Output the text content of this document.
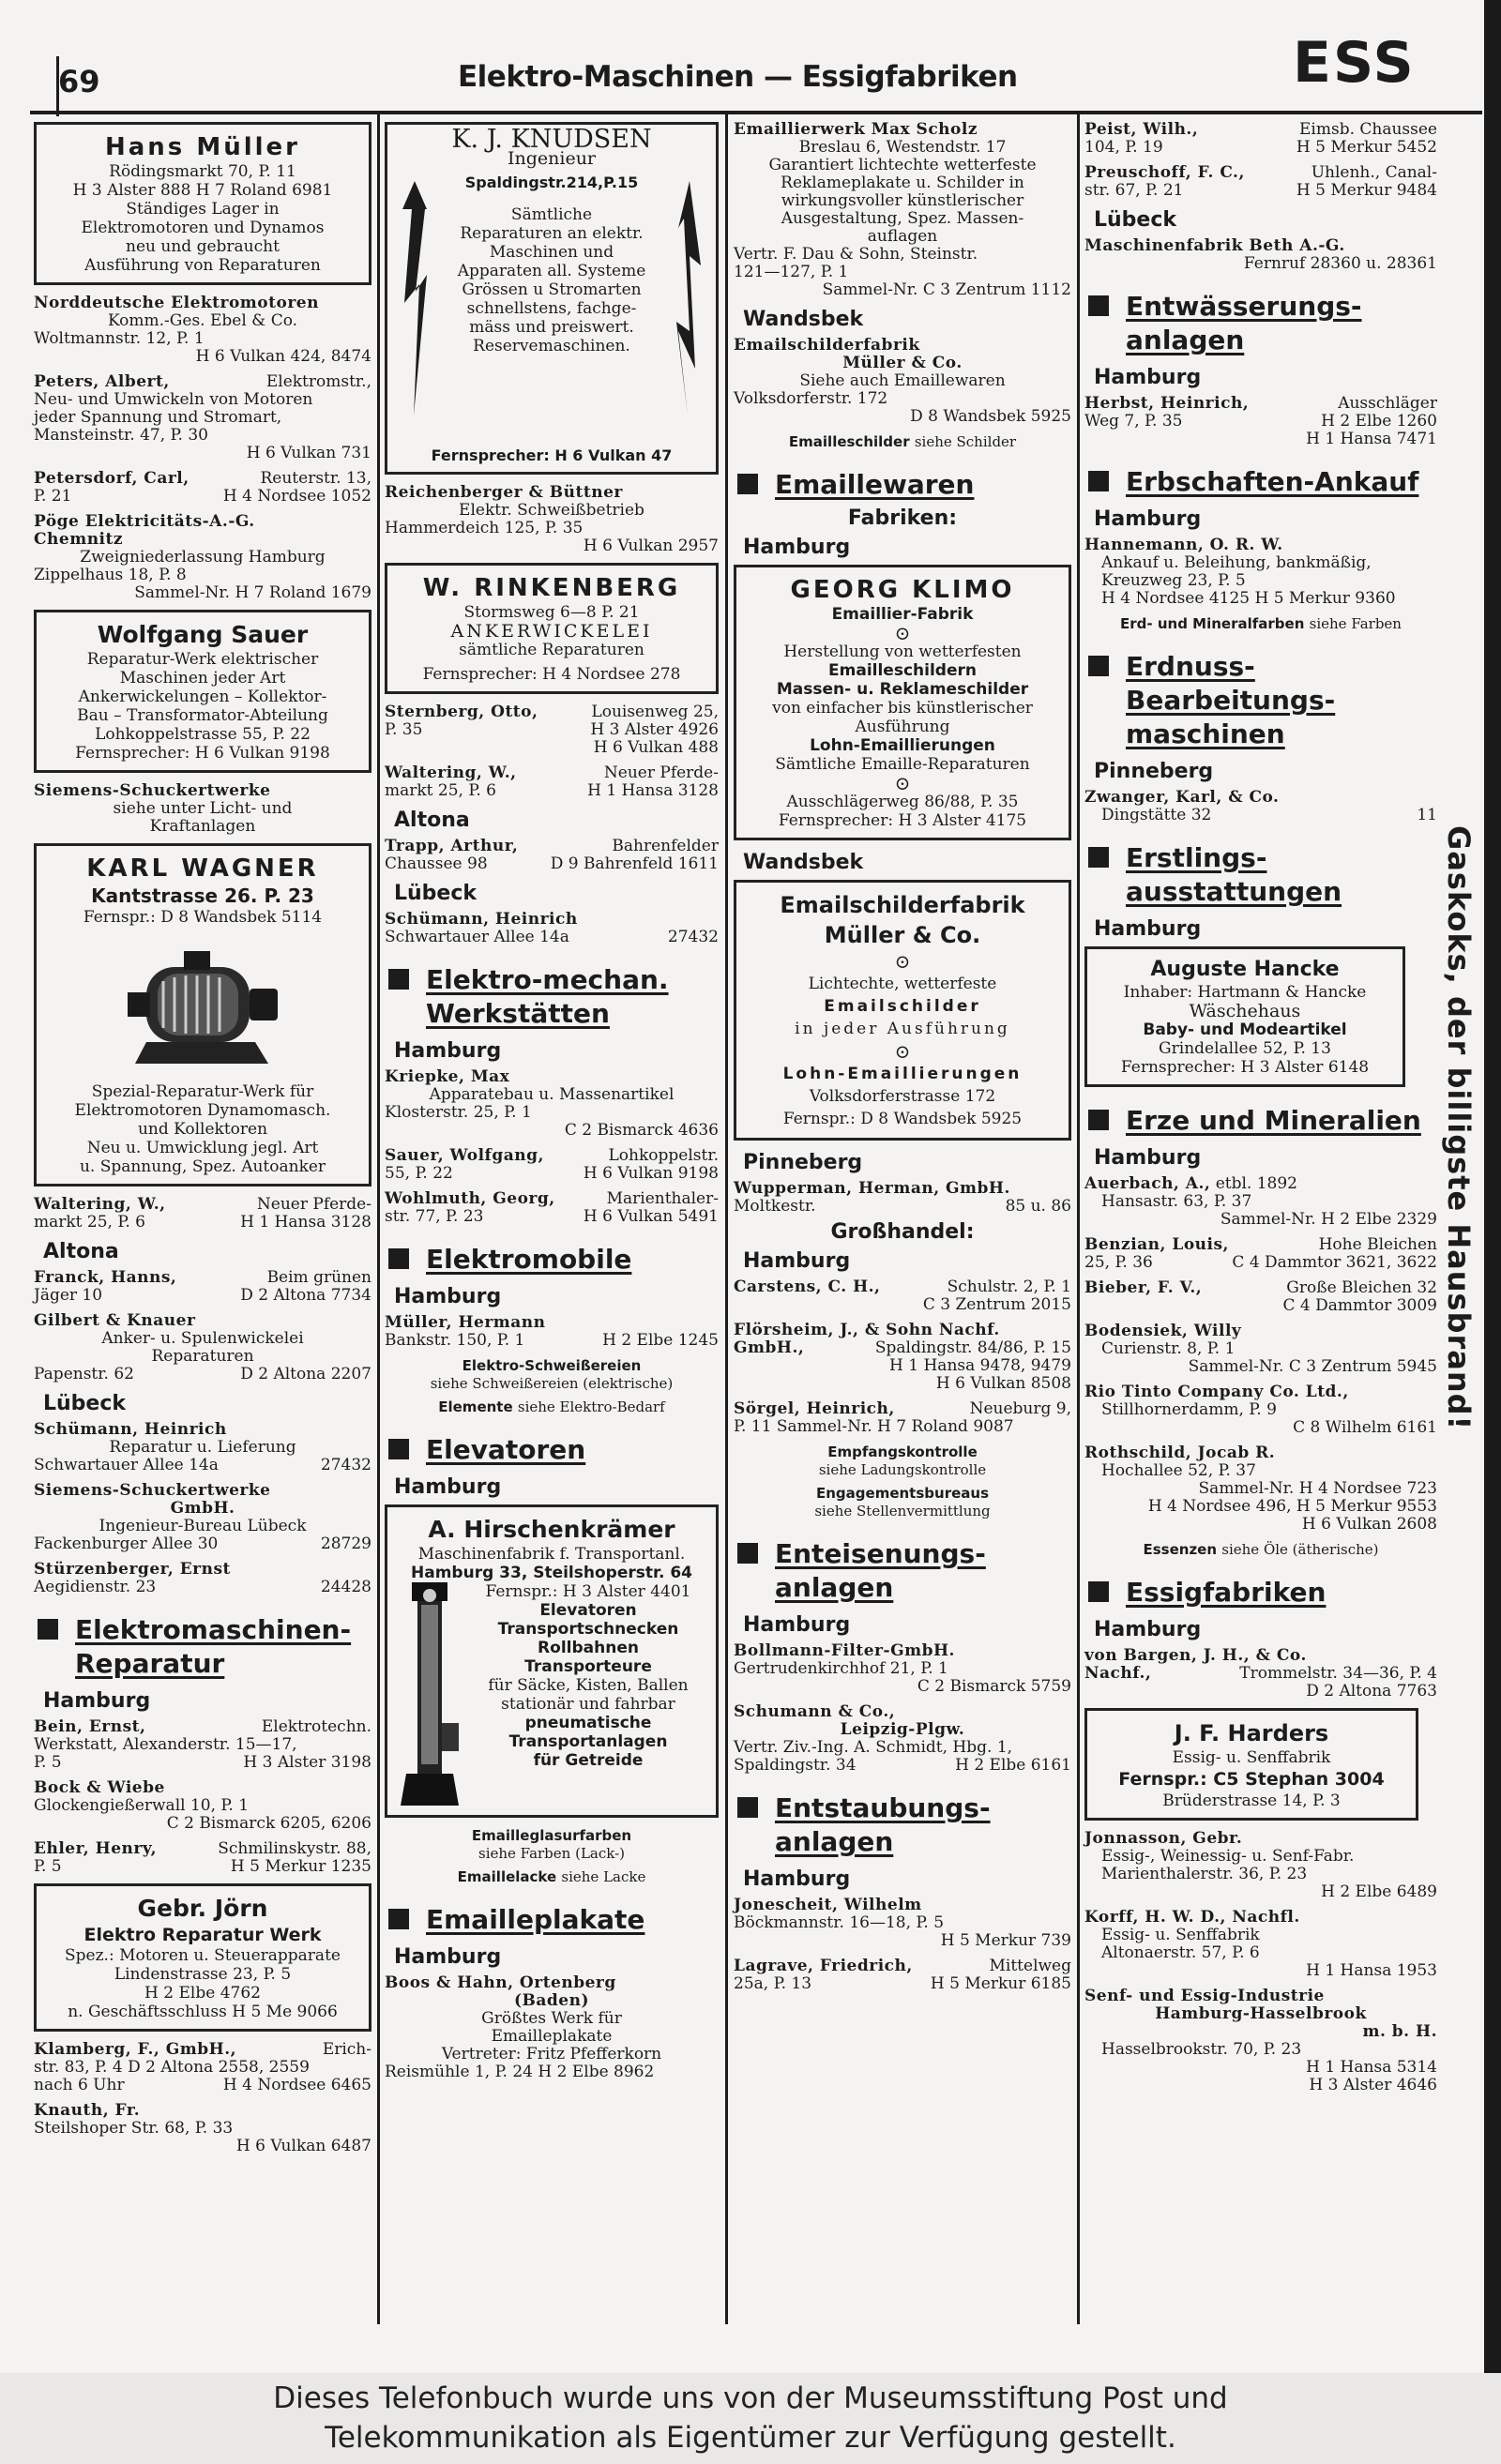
69	Elektro-Maschinen — Essigfabriken	ESS
Hans Müller
Rödingsmarkt 70, P. 11
H 3 Alster 888 H 7 Roland 6981
Ständiges Lager in
Elektromotoren und Dynamos
neu und gebraucht
Ausführung von Reparaturen
Norddeutsche Elektromotoren
Komm.-Ges. Ebel & Co.
Woltmannstr. 12, P. 1
H 6 Vulkan 424, 8474
Peters, Albert,	Elektromstr.,
Neu- und Umwickeln von Motoren
jeder Spannung und Stromart,
Mansteinstr. 47, P. 30
H 6 Vulkan 731
Petersdorf, Carl,	Reuterstr. 13,
P. 21	H 4 Nordsee 1052
Pöge Elektricitäts-A.-G.
Chemnitz
Zweigniederlassung Hamburg
Zippelhaus 18, P. 8
Sammel-Nr. H 7 Roland 1679
Wolfgang Sauer
Reparatur-Werk elektrischer
Maschinen jeder Art
Ankerwickelungen – Kollektor-
Bau – Transformator-Abteilung
Lohkoppelstrasse 55, P. 22
Fernsprecher: H 6 Vulkan 9198
Siemens-Schuckertwerke
siehe unter Licht- und
Kraftanlagen
KARL WAGNER
Kantstrasse 26. P. 23
Fernspr.: D 8 Wandsbek 5114
Spezial-Reparatur-Werk für
Elektromotoren Dynamomasch.
und Kollektoren
Neu u. Umwicklung jegl. Art
u. Spannung, Spez. Autoanker
Waltering, W.,	Neuer Pferde-
markt 25, P. 6	H 1 Hansa 3128
Altona
Franck, Hanns,	Beim grünen
Jäger 10	D 2 Altona 7734
Gilbert & Knauer
Anker- u. Spulenwickelei
Reparaturen
Papenstr. 62	D 2 Altona 2207
Lübeck
Schümann, Heinrich
Reparatur u. Lieferung
Schwartauer Allee 14a	27432
Siemens-Schuckertwerke
GmbH.
Ingenieur-Bureau Lübeck
Fackenburger Allee 30	28729
Stürzenberger, Ernst
Aegidienstr. 23	24428
Elektromaschinen-
Reparatur
Hamburg
Bein, Ernst,	Elektrotechn.
Werkstatt, Alexanderstr. 15—17,
P. 5	H 3 Alster 3198
Bock & Wiebe
Glockengießerwall 10, P. 1
C 2 Bismarck 6205, 6206
Ehler, Henry,	Schmilinskystr. 88,
P. 5	H 5 Merkur 1235
Gebr. Jörn
Elektro Reparatur Werk
Spez.: Motoren u. Steuerapparate
Lindenstrasse 23, P. 5
H 2 Elbe 4762
n. Geschäftsschluss H 5 Me 9066
Klamberg, F., GmbH.,	Erich-
str. 83, P. 4 D 2 Altona 2558, 2559
nach 6 Uhr	H 4 Nordsee 6465
Knauth, Fr.
Steilshoper Str. 68, P. 33
H 6 Vulkan 6487
K. J. KNUDSEN
Ingenieur
Spaldingstr.214,P.15
Sämtliche
Reparaturen an elektr.
Maschinen und
Apparaten all. Systeme
Grössen u Stromarten
schnellstens, fachge-
mäss und preiswert.
Reservemaschinen.
Fernsprecher: H 6 Vulkan 47
Reichenberger & Büttner
Elektr. Schweißbetrieb
Hammerdeich 125, P. 35
H 6 Vulkan 2957
W. RINKENBERG
Stormsweg 6—8 P. 21
ANKERWICKELEI
sämtliche Reparaturen
Fernsprecher: H 4 Nordsee 278
Sternberg, Otto,	Louisenweg 25,
P. 35	H 3 Alster 4926
H 6 Vulkan 488
Waltering, W.,	Neuer Pferde-
markt 25, P. 6	H 1 Hansa 3128
Altona
Trapp, Arthur,	Bahrenfelder
Chaussee 98	D 9 Bahrenfeld 1611
Lübeck
Schümann, Heinrich
Schwartauer Allee 14a	27432
Elektro-mechan.
Werkstätten
Hamburg
Kriepke, Max
Apparatebau u. Massenartikel
Klosterstr. 25, P. 1
C 2 Bismarck 4636
Sauer, Wolfgang,	Lohkoppelstr.
55, P. 22	H 6 Vulkan 9198
Wohlmuth, Georg,	Marienthaler-
str. 77, P. 23	H 6 Vulkan 5491
Elektromobile
Hamburg
Müller, Hermann
Bankstr. 150, P. 1	H 2 Elbe 1245
Elektro-Schweißereien
siehe Schweißereien (elektrische)
Elemente siehe Elektro-Bedarf
Elevatoren
Hamburg
A. Hirschenkrämer
Maschinenfabrik f. Transportanl.
Hamburg 33, Steilshoperstr. 64
Fernspr.: H 3 Alster 4401
Elevatoren
Transportschnecken
Rollbahnen
Transporteure
für Säcke, Kisten, Ballen
stationär und fahrbar
pneumatische
Transportanlagen
für Getreide
Emailleglasurfarben
siehe Farben (Lack-)
Emaillelacke siehe Lacke
Emailleplakate
Hamburg
Boos & Hahn, Ortenberg
(Baden)
Größtes Werk für
Emailleplakate
Vertreter: Fritz Pfefferkorn
Reismühle 1, P. 24 H 2 Elbe 8962
Emaillierwerk Max Scholz
Breslau 6, Westendstr. 17
Garantiert lichtechte wetterfeste
Reklameplakate u. Schilder in
wirkungsvoller künstlerischer
Ausgestaltung, Spez. Massen-
auflagen
Vertr. F. Dau & Sohn, Steinstr.
121—127, P. 1
Sammel-Nr. C 3 Zentrum 1112
Wandsbek
Emailschilderfabrik
Müller & Co.
Siehe auch Emaillewaren
Volksdorferstr. 172
D 8 Wandsbek 5925
Emailleschilder siehe Schilder
Emaillewaren
Fabriken:
Hamburg
GEORG KLIMO
Emaillier-Fabrik
⊙
Herstellung von wetterfesten
Emailleschildern
Massen- u. Reklameschilder
von einfacher bis künstlerischer
Ausführung
Lohn-Emaillierungen
Sämtliche Emaille-Reparaturen
⊙
Ausschlägerweg 86/88, P. 35
Fernsprecher: H 3 Alster 4175
Wandsbek
Emailschilderfabrik
Müller & Co.
⊙
Lichtechte, wetterfeste
Emailschilder
in jeder Ausführung
⊙
Lohn-Emaillierungen
Volksdorferstrasse 172
Fernspr.: D 8 Wandsbek 5925
Pinneberg
Wupperman, Herman, GmbH.
Moltkestr.	85 u. 86
Großhandel:
Hamburg
Carstens, C. H.,	Schulstr. 2, P. 1
C 3 Zentrum 2015
Flörsheim, J., & Sohn Nachf.
GmbH.,	Spaldingstr. 84/86, P. 15
H 1 Hansa 9478, 9479
H 6 Vulkan 8508
Sörgel, Heinrich,	Neueburg 9,
P. 11 Sammel-Nr. H 7 Roland 9087
Empfangskontrolle
siehe Ladungskontrolle
Engagementsbureaus
siehe Stellenvermittlung
Enteisenungs-
anlagen
Hamburg
Bollmann-Filter-GmbH.
Gertrudenkirchhof 21, P. 1
C 2 Bismarck 5759
Schumann & Co.,
Leipzig-Plgw.
Vertr. Ziv.-Ing. A. Schmidt, Hbg. 1,
Spaldingstr. 34	H 2 Elbe 6161
Entstaubungs-
anlagen
Hamburg
Jonescheit, Wilhelm
Böckmannstr. 16—18, P. 5
H 5 Merkur 739
Lagrave, Friedrich,	Mittelweg
25a, P. 13	H 5 Merkur 6185
Peist, Wilh.,	Eimsb. Chaussee
104, P. 19	H 5 Merkur 5452
Preuschoff, F. C.,	Uhlenh., Canal-
str. 67, P. 21	H 5 Merkur 9484
Lübeck
Maschinenfabrik Beth A.-G.
Fernruf 28360 u. 28361
Entwässerungs-
anlagen
Hamburg
Herbst, Heinrich,	Ausschläger
Weg 7, P. 35	H 2 Elbe 1260
H 1 Hansa 7471
Erbschaften-Ankauf
Hamburg
Hannemann, O. R. W.
Ankauf u. Beleihung, bankmäßig,
Kreuzweg 23, P. 5
H 4 Nordsee 4125 H 5 Merkur 9360
Erd- und Mineralfarben siehe Farben
Erdnuss-
Bearbeitungs-
maschinen
Pinneberg
Zwanger, Karl, & Co.
Dingstätte 32	11
Erstlings-
ausstattungen
Hamburg
Auguste Hancke
Inhaber: Hartmann & Hancke
Wäschehaus
Baby- und Modeartikel
Grindelallee 52, P. 13
Fernsprecher: H 3 Alster 6148
Erze und Mineralien
Hamburg
Auerbach, A., etbl. 1892
Hansastr. 63, P. 37
Sammel-Nr. H 2 Elbe 2329
Benzian, Louis,	Hohe Bleichen
25, P. 36	C 4 Dammtor 3621, 3622
Bieber, F. V.,	Große Bleichen 32
C 4 Dammtor 3009
Bodensiek, Willy
Curienstr. 8, P. 1
Sammel-Nr. C 3 Zentrum 5945
Rio Tinto Company Co. Ltd.,
Stillhornerdamm, P. 9
C 8 Wilhelm 6161
Rothschild, Jocab R.
Hochallee 52, P. 37
Sammel-Nr. H 4 Nordsee 723
H 4 Nordsee 496, H 5 Merkur 9553
H 6 Vulkan 2608
Essenzen siehe Öle (ätherische)
Essigfabriken
Hamburg
von Bargen, J. H., & Co.
Nachf.,	Trommelstr. 34—36, P. 4
D 2 Altona 7763
J. F. Harders
Essig- u. Senffabrik
Fernspr.: C5 Stephan 3004
Brüderstrasse 14, P. 3
Jonnasson, Gebr.
Essig-, Weinessig- u. Senf-Fabr.
Marienthalerstr. 36, P. 23
H 2 Elbe 6489
Korff, H. W. D., Nachfl.
Essig- u. Senffabrik
Altonaerstr. 57, P. 6
H 1 Hansa 1953
Senf- und Essig-Industrie
Hamburg-Hasselbrook
m. b. H.
Hasselbrookstr. 70, P. 23
H 1 Hansa 5314
H 3 Alster 4646
Gaskoks, der billigste Hausbrand!
Dieses Telefonbuch wurde uns von der Museumsstiftung Post und
Telekommunikation als Eigentümer zur Verfügung gestellt.
